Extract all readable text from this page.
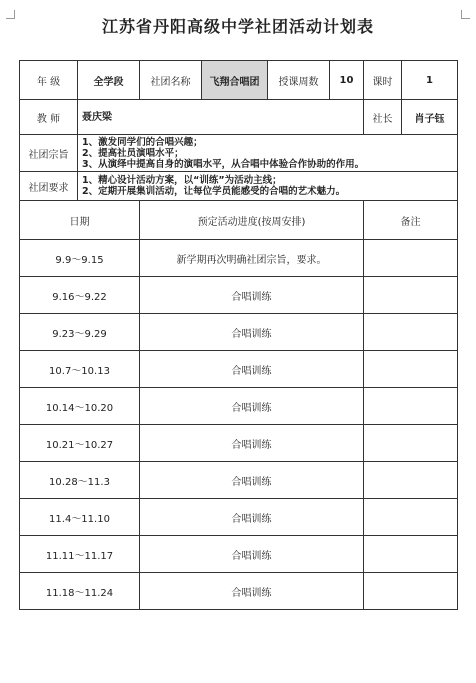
江苏省丹阳高级中学社团活动计划表
年 级	全学段	社团名称	飞翔合唱团	授课周数	10	课时	1
教 师	聂庆梁					社长	肖子钰
社团宗旨	1、激发同学们的合唱兴趣；
2、提高社员演唱水平；
3、从演绎中提高自身的演唱水平，从合唱中体验合作协助的作用。						

社团要求	1、精心设计活动方案，以“训练”为活动主线；
2、定期开展集训活动，让每位学员能感受的合唱的艺术魅力。						

日期		预定活动进度(按周安排)				备注	
9.9～9.15		新学期再次明确社团宗旨，要求。					
9.16～9.22		合唱训练					
9.23～9.29		合唱训练					
10.7～10.13		合唱训练					
10.14～10.20		合唱训练					
10.21～10.27		合唱训练					
10.28～11.3		合唱训练					
11.4～11.10		合唱训练					
11.11～11.17		合唱训练					
11.18～11.24		合唱训练					
